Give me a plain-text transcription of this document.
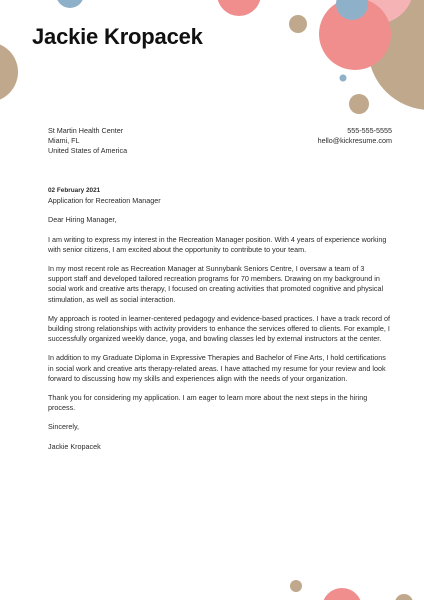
Jackie Kropacek
St Martin Health Center
Miami, FL
United States of America
555-555-5555
hello@kickresume.com
02 February 2021
Application for Recreation Manager

Dear Hiring Manager,

I am writing to express my interest in the Recreation Manager position. With 4 years of experience working with senior citizens, I am excited about the opportunity to contribute to your team.

In my most recent role as Recreation Manager at Sunnybank Seniors Centre, I oversaw a team of 3 support staff and developed tailored recreation programs for 70 members. Drawing on my background in social work and creative arts therapy, I focused on creating activities that promoted cognitive and physical stimulation, as well as social interaction.

My approach is rooted in learner-centered pedagogy and evidence-based practices. I have a track record of building strong relationships with activity providers to enhance the services offered to clients. For example, I successfully organized weekly dance, yoga, and bowling classes led by external instructors at the center.

In addition to my Graduate Diploma in Expressive Therapies and Bachelor of Fine Arts, I hold certifications in social work and creative arts therapy-related areas. I have attached my resume for your review and look forward to discussing how my skills and experiences align with the needs of your organization.

Thank you for considering my application. I am eager to learn more about the next steps in the hiring process.

Sincerely,

Jackie Kropacek
